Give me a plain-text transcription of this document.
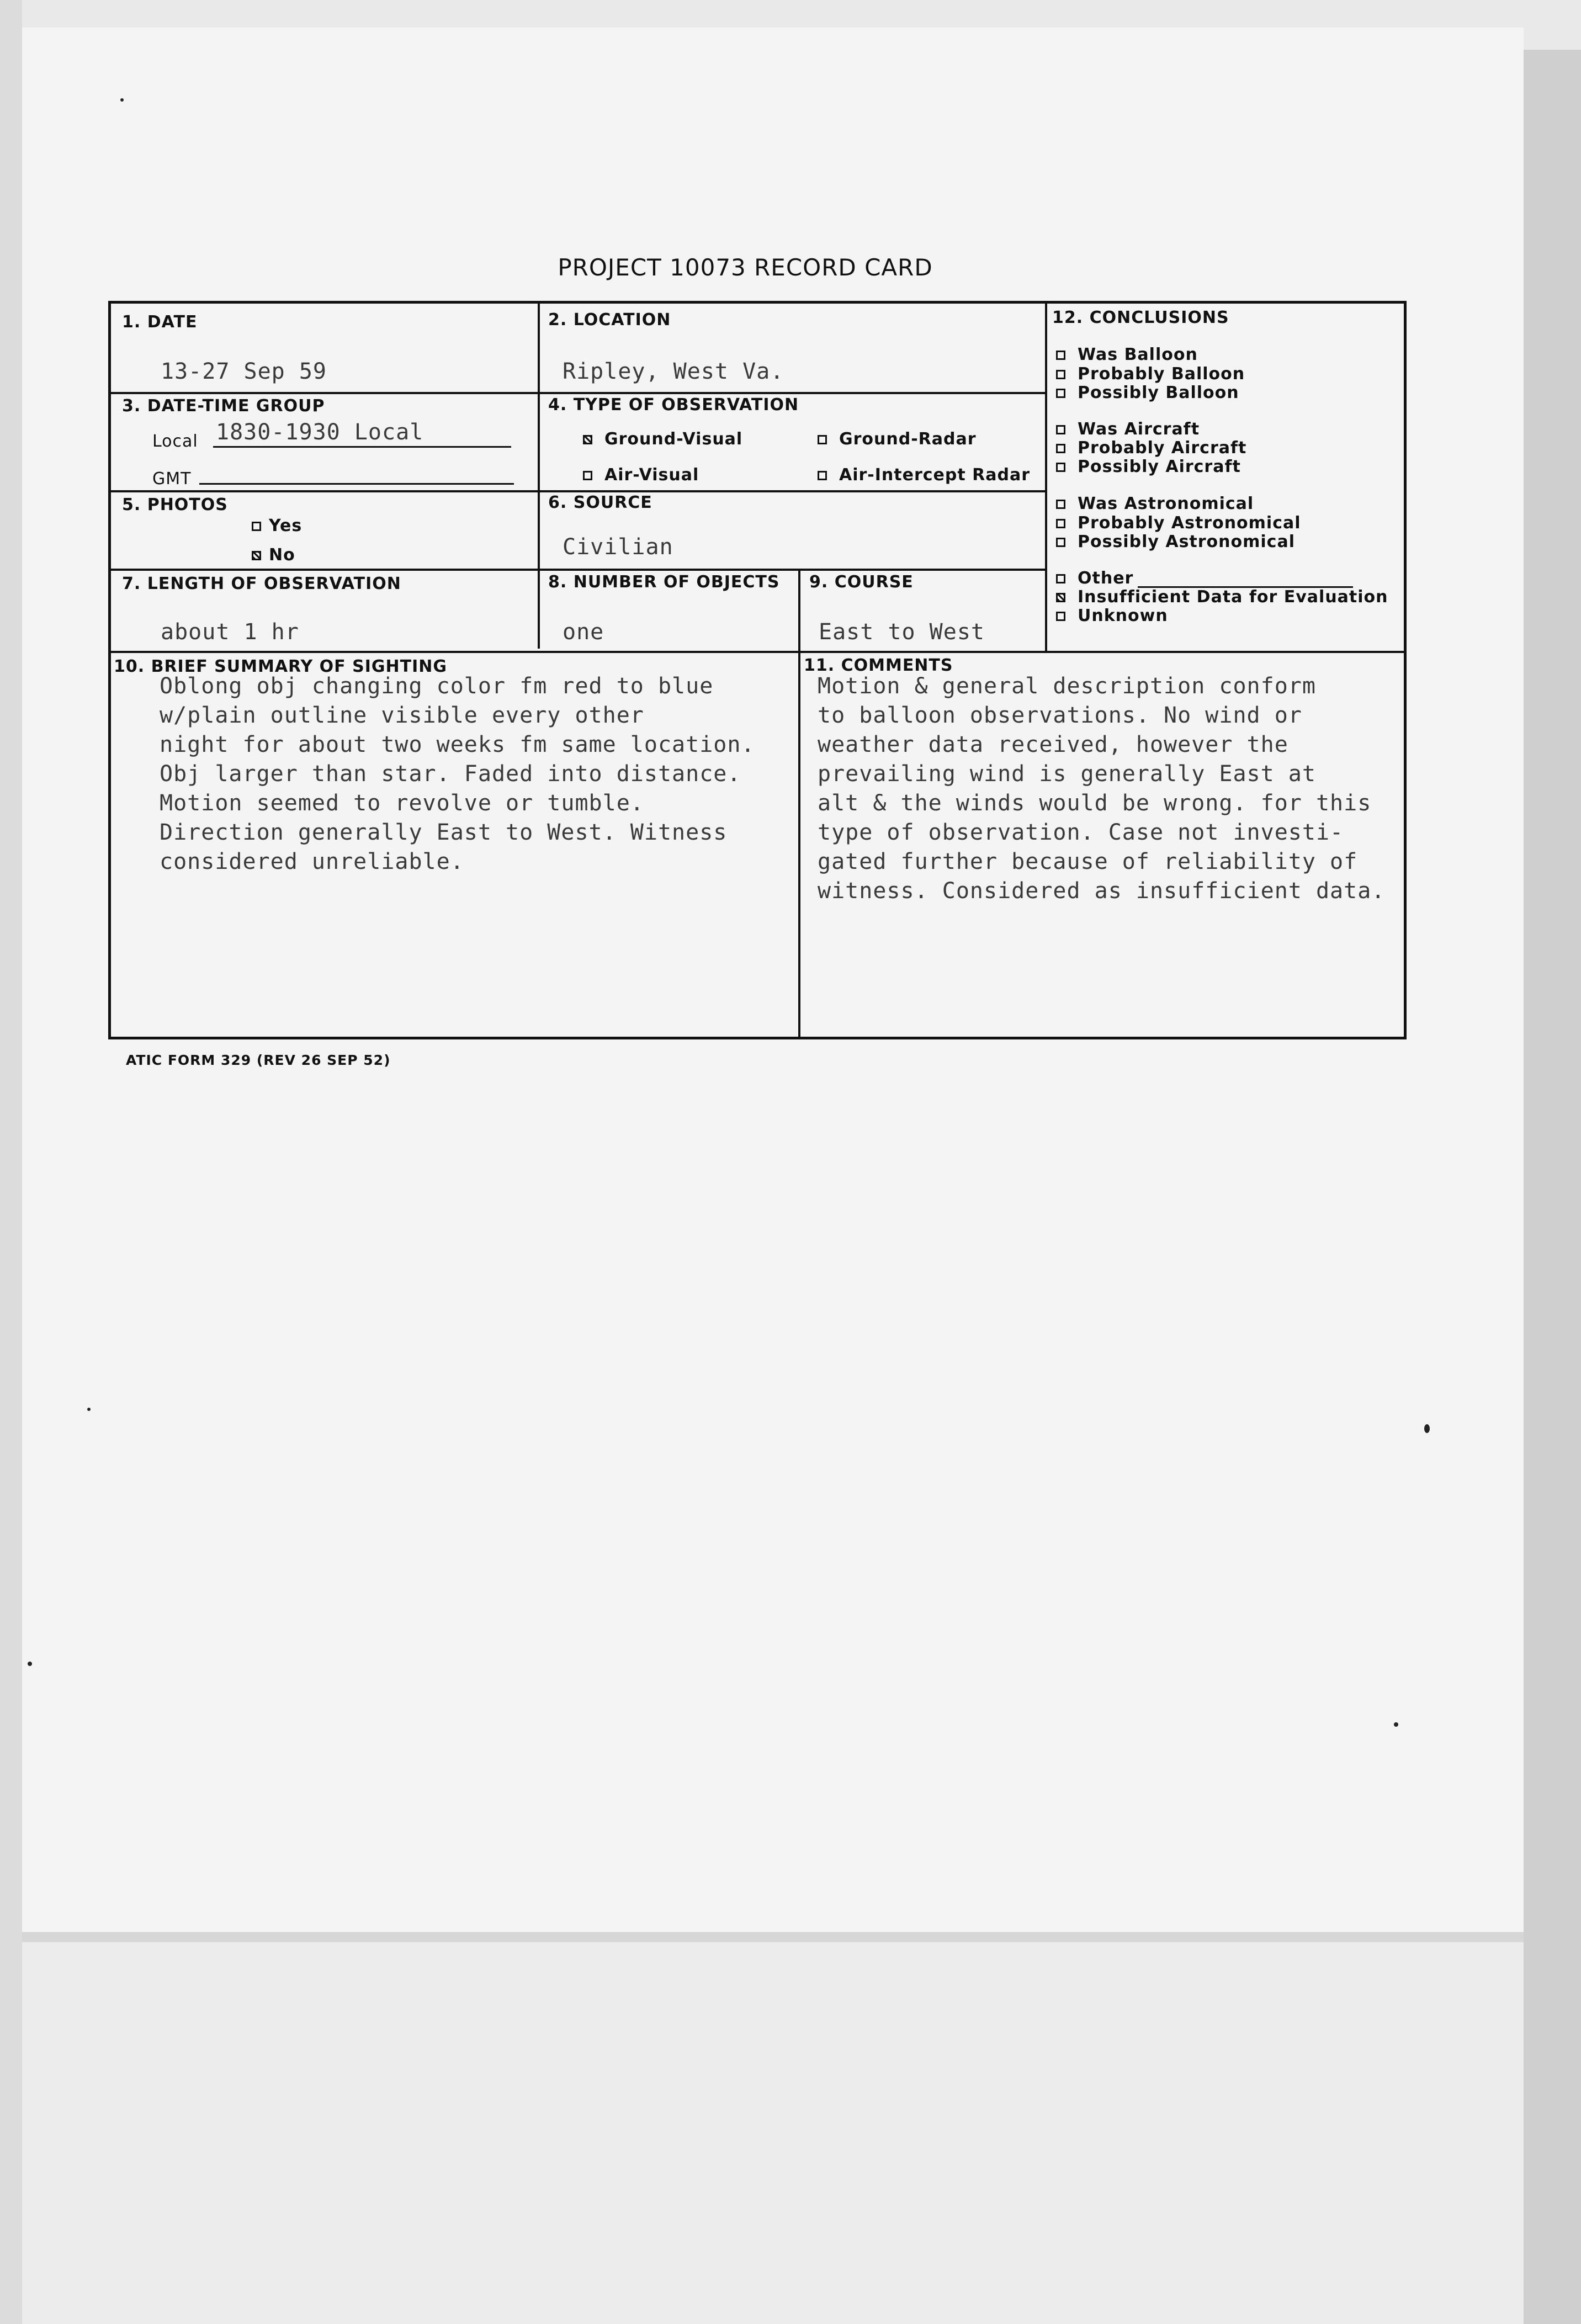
PROJECT 10073 RECORD CARD
1. DATE
13-27 Sep 59
2. LOCATION
Ripley, West Va.
3. DATE-TIME GROUP
Local 1830-1930 Local
GMT
4. TYPE OF OBSERVATION
Ground-Visual	Ground-Radar
Air-Visual	Air-Intercept Radar
5. PHOTOS
Yes
No
6. SOURCE
Civilian
7. LENGTH OF OBSERVATION
about 1 hr
8. NUMBER OF OBJECTS
one
9. COURSE
East to West
12. CONCLUSIONS
Was Balloon
Probably Balloon
Possibly Balloon
Was Aircraft
Probably Aircraft
Possibly Aircraft
Was Astronomical
Probably Astronomical
Possibly Astronomical
Other
Insufficient Data for Evaluation
Unknown
10. BRIEF SUMMARY OF SIGHTING
Oblong obj changing color fm red to blue
w/plain outline visible every other
night for about two weeks fm same location.
Obj larger than star. Faded into distance.
Motion seemed to revolve or tumble.
Direction generally East to West. Witness
considered unreliable.
11. COMMENTS
Motion & general description conform
to balloon observations. No wind or
weather data received, however the
prevailing wind is generally East at
alt & the winds would be wrong. for this
type of observation. Case not investi-
gated further because of reliability of
witness. Considered as insufficient data.
ATIC FORM 329 (REV 26 SEP 52)
